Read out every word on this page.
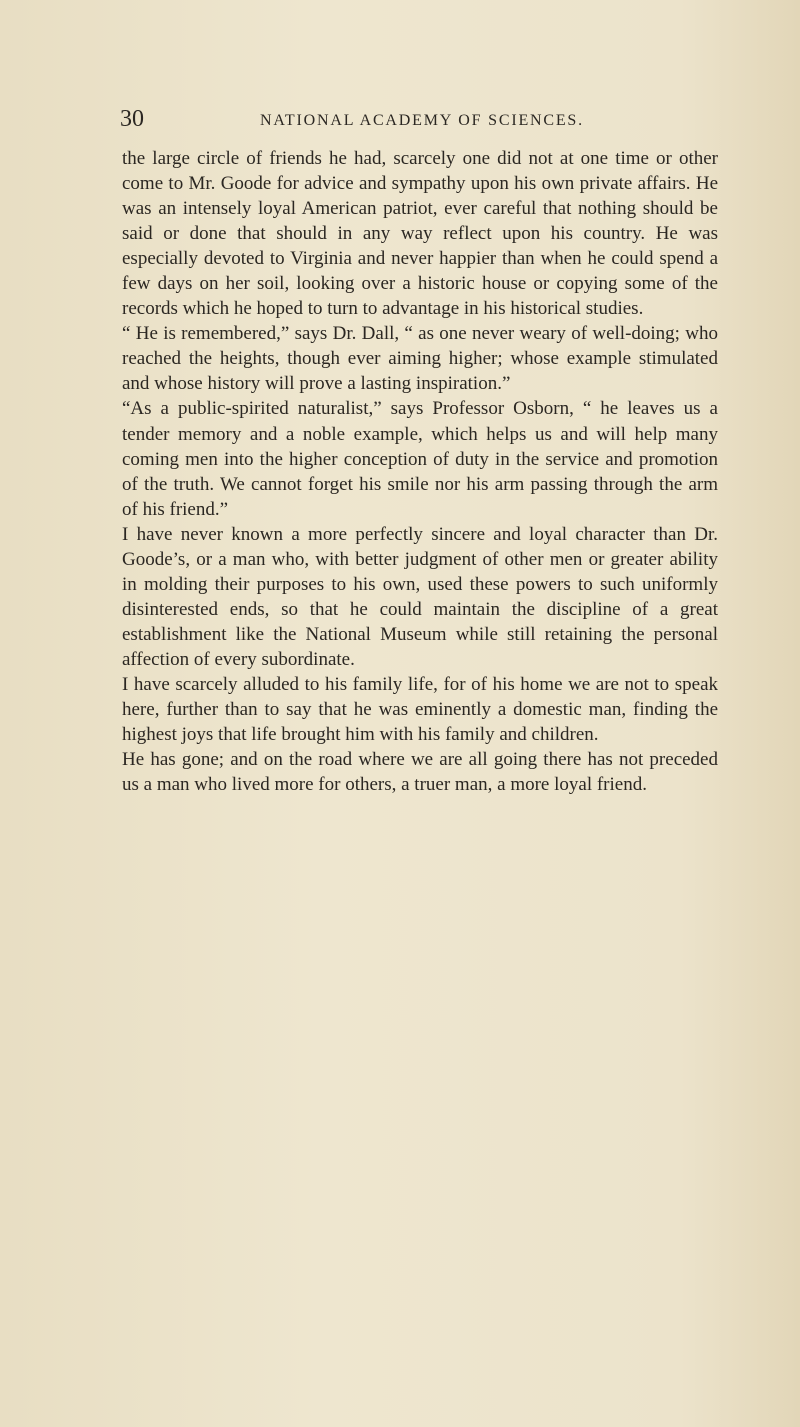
30	NATIONAL ACADEMY OF SCIENCES.

the large circle of friends he had, scarcely one did not at one time or other come to Mr. Goode for advice and sympathy upon his own private affairs. He was an intensely loyal American patriot, ever careful that nothing should be said or done that should in any way reflect upon his country. He was especially devoted to Virginia and never happier than when he could spend a few days on her soil, looking over a historic house or copying some of the records which he hoped to turn to advantage in his historical studies.

“ He is remembered,” says Dr. Dall, “ as one never weary of well-doing; who reached the heights, though ever aiming higher; whose example stimulated and whose history will prove a lasting inspiration.”

“As a public-spirited naturalist,” says Professor Osborn, “ he leaves us a tender memory and a noble example, which helps us and will help many coming men into the higher conception of duty in the service and promotion of the truth. We cannot forget his smile nor his arm passing through the arm of his friend.”

I have never known a more perfectly sincere and loyal character than Dr. Goode’s, or a man who, with better judgment of other men or greater ability in molding their purposes to his own, used these powers to such uniformly disinterested ends, so that he could maintain the discipline of a great establishment like the National Museum while still retaining the personal affection of every subordinate.

I have scarcely alluded to his family life, for of his home we are not to speak here, further than to say that he was eminently a domestic man, finding the highest joys that life brought him with his family and children.

He has gone; and on the road where we are all going there has not preceded us a man who lived more for others, a truer man, a more loyal friend.
